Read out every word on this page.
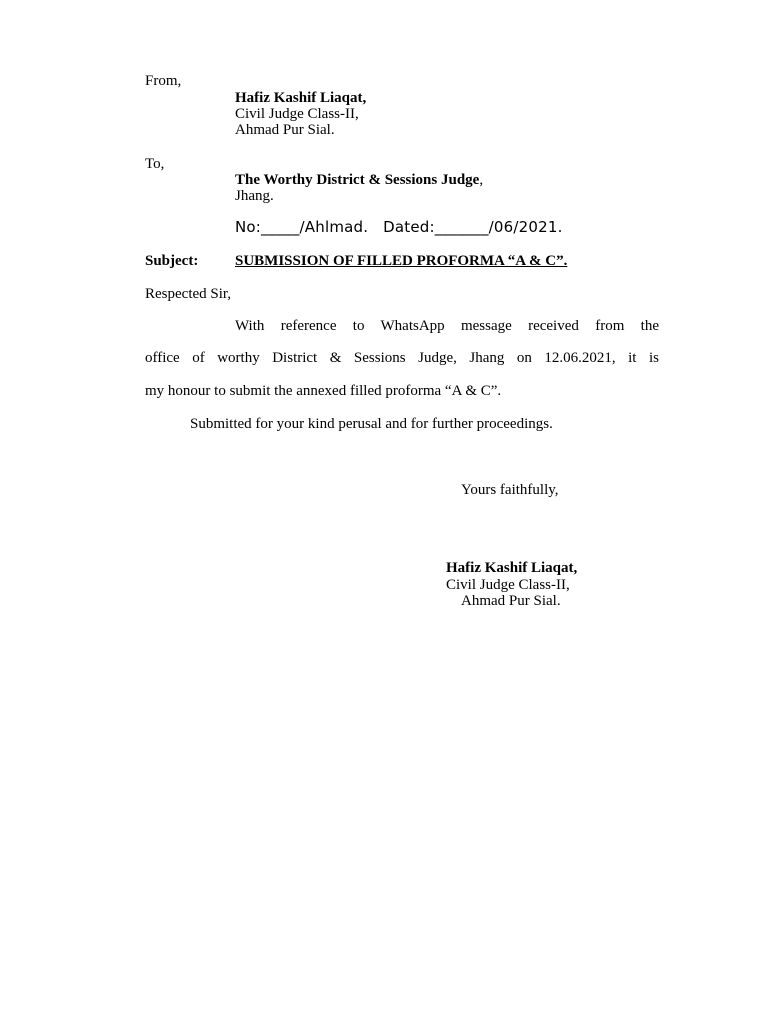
From,
Hafiz Kashif Liaqat,
Civil Judge Class-II,
Ahmad Pur Sial.
To,
The Worthy District & Sessions Judge,
Jhang.
No:_____/Ahlmad.   Dated:_______/06/2021.
Subject: SUBMISSION OF FILLED PROFORMA “A & C”.
Respected Sir,
With reference to WhatsApp message received from the
office of worthy District & Sessions Judge, Jhang on 12.06.2021, it is
my honour to submit the annexed filled proforma “A & C”.
Submitted for your kind perusal and for further proceedings.
Yours faithfully,
Hafiz Kashif Liaqat,
Civil Judge Class-II,
Ahmad Pur Sial.
